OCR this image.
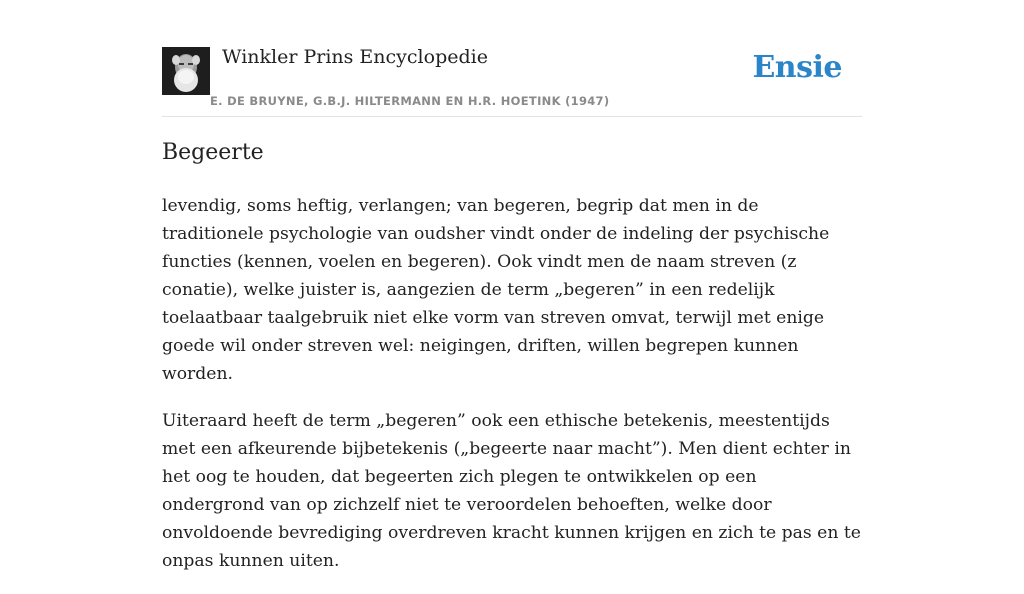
Winkler Prins Encyclopedie
E. DE BRUYNE, G.B.J. HILTERMANN EN H.R. HOETINK (1947)
Ensie
Begeerte

levendig, soms heftig, verlangen; van begeren, begrip dat men in de traditionele psychologie van oudsher vindt onder de indeling der psychische functies (kennen, voelen en begeren). Ook vindt men de naam streven (z conatie), welke juister is, aangezien de term „begeren” in een redelijk toelaatbaar taalgebruik niet elke vorm van streven omvat, terwijl met enige goede wil onder streven wel: neigingen, driften, willen begrepen kunnen worden.

Uiteraard heeft de term „begeren” ook een ethische betekenis, meestentijds met een afkeurende bijbetekenis („begeerte naar macht”). Men dient echter in het oog te houden, dat begeerten zich plegen te ontwikkelen op een ondergrond van op zichzelf niet te veroordelen behoeften, welke door onvoldoende bevrediging overdreven kracht kunnen krijgen en zich te pas en te onpas kunnen uiten.
